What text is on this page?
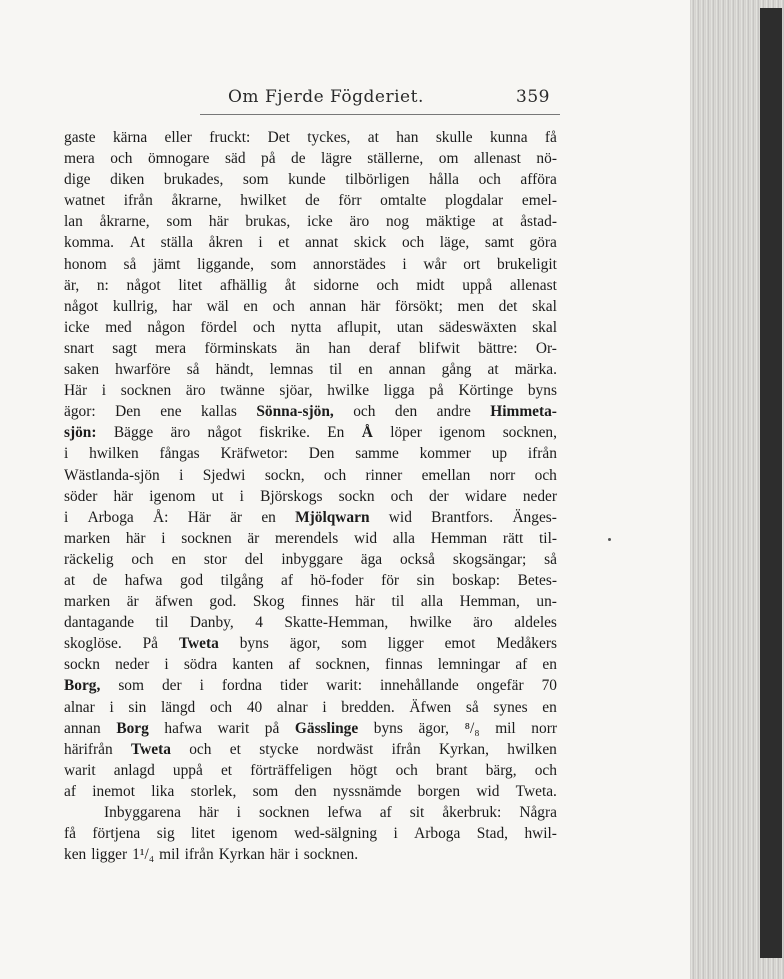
Om Fjerde Fögderiet.	359
gaste kärna eller fruckt: Det tyckes, at han skulle kunna få
mera och ömnogare säd på de lägre ställerne, om allenast nö-
dige diken brukades, som kunde tilbörligen hålla och afföra
watnet ifrån åkrarne, hwilket de förr omtalte plogdalar emel-
lan åkrarne, som här brukas, icke äro nog mäktige at åstad-
komma. At ställa åkren i et annat skick och läge, samt göra
honom så jämt liggande, som annorstädes i wår ort brukeligit
är, n: något litet afhällig åt sidorne och midt uppå allenast
något kullrig, har wäl en och annan här försökt; men det skal
icke med någon fördel och nytta aflupit, utan sädeswäxten skal
snart sagt mera förminskats än han deraf blifwit bättre: Or-
saken hwarföre så händt, lemnas til en annan gång at märka.
Här i socknen äro twänne sjöar, hwilke ligga på Körtinge byns
ägor: Den ene kallas Sönna-sjön, och den andre Himmeta-
sjön: Bägge äro något fiskrike. En Å löper igenom socknen,
i hwilken fångas Kräfwetor: Den samme kommer up ifrån
Wästlanda-sjön i Sjedwi sockn, och rinner emellan norr och
söder här igenom ut i Björskogs sockn och der widare neder
i Arboga Å: Här är en Mjölqwarn wid Brantfors. Änges-
marken här i socknen är merendels wid alla Hemman rätt til-
räckelig och en stor del inbyggare äga också skogsängar; så
at de hafwa god tilgång af hö-foder för sin boskap: Betes-
marken är äfwen god. Skog finnes här til alla Hemman, un-
dantagande til Danby, 4 Skatte-Hemman, hwilke äro aldeles
skoglöse. På Tweta byns ägor, som ligger emot Medåkers
sockn neder i södra kanten af socknen, finnas lemningar af en
Borg, som der i fordna tider warit: innehållande ongefär 70
alnar i sin längd och 40 alnar i bredden. Äfwen så synes en
annan Borg hafwa warit på Gässlinge byns ägor, ⁸/₈ mil norr
härifrån Tweta och et stycke nordwäst ifrån Kyrkan, hwilken
warit anlagd uppå et förträffeligen högt och brant bärg, och
af inemot lika storlek, som den nyssnämde borgen wid Tweta.
Inbyggarena här i socknen lefwa af sit åkerbruk: Några
få förtjena sig litet igenom wed-sälgning i Arboga Stad, hwil-
ken ligger 1¹/₄ mil ifrån Kyrkan här i socknen.
